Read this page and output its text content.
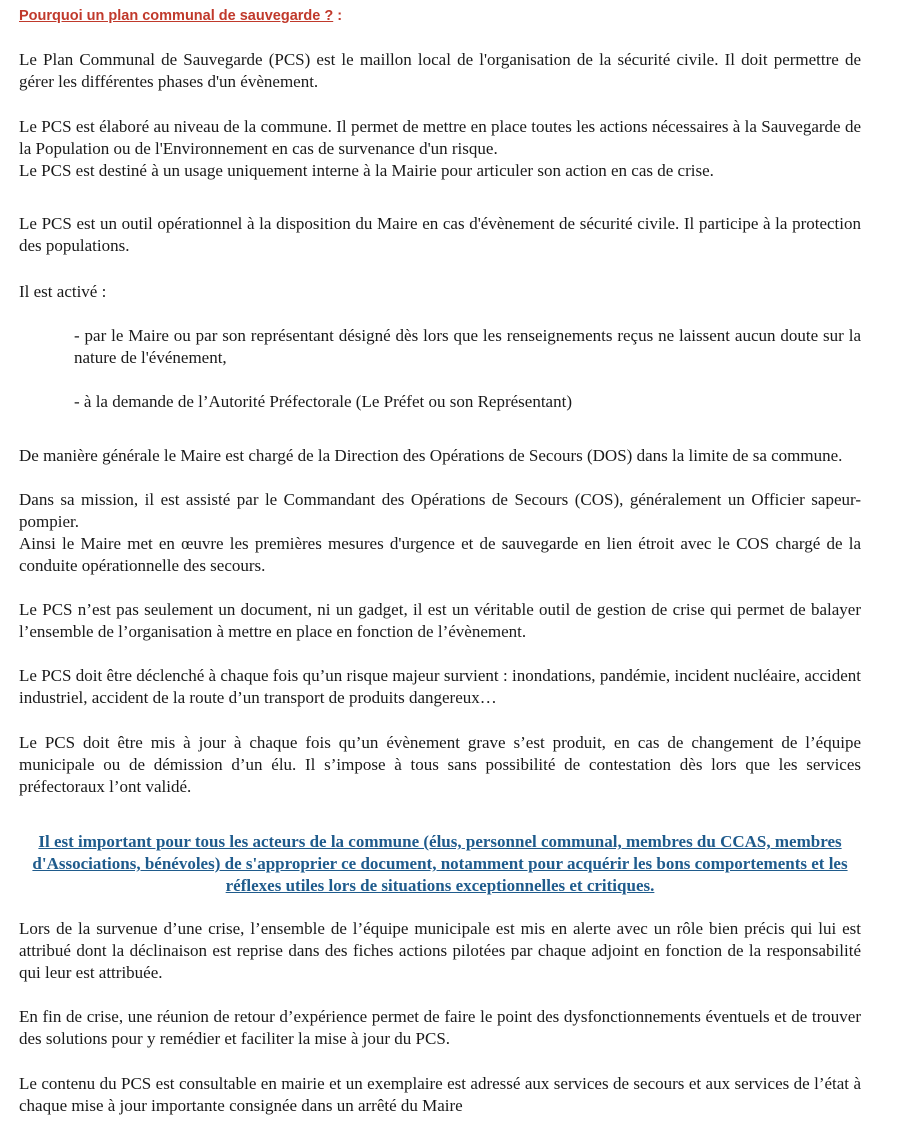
Pourquoi un plan communal de sauvegarde ? :

Le Plan Communal de Sauvegarde (PCS) est le maillon local de l'organisation de la sécurité civile. Il doit permettre de gérer les différentes phases d'un évènement.

Le PCS est élaboré au niveau de la commune. Il permet de mettre en place toutes les actions nécessaires à la Sauvegarde de la Population ou de l'Environnement en cas de survenance d'un risque.

Le PCS est destiné à un usage uniquement interne à la Mairie pour articuler son action en cas de crise.

Le PCS est un outil opérationnel à la disposition du Maire en cas d'évènement de sécurité civile. Il participe à la protection des populations.

Il est activé :

- par le Maire ou par son représentant désigné dès lors que les renseignements reçus ne laissent aucun doute sur la nature de l'événement,

- à la demande de l’Autorité Préfectorale (Le Préfet ou son Représentant)

De manière générale le Maire est chargé de la Direction des Opérations de Secours (DOS) dans la limite de sa commune.

Dans sa mission, il est assisté par le Commandant des Opérations de Secours (COS), généralement un Officier sapeur- pompier.

Ainsi le Maire met en œuvre les premières mesures d'urgence et de sauvegarde en lien étroit avec le COS chargé de la conduite opérationnelle des secours.

Le PCS n’est pas seulement un document, ni un gadget, il est un véritable outil de gestion de crise qui permet de balayer l’ensemble de l’organisation à mettre en place en fonction de l’évènement.

Le PCS doit être déclenché à chaque fois qu’un risque majeur survient : inondations, pandémie, incident nucléaire, accident industriel, accident de la route d’un transport de produits dangereux…

Le PCS doit être mis à jour à chaque fois qu’un évènement grave s’est produit, en cas de changement de l’équipe municipale ou de démission d’un élu. Il s’impose à tous sans possibilité de contestation dès lors que les services préfectoraux l’ont validé.

Il est important pour tous les acteurs de la commune (élus, personnel communal, membres du CCAS, membres d'Associations, bénévoles) de s'approprier ce document, notamment pour acquérir les bons comportements et les réflexes utiles lors de situations exceptionnelles et critiques.

Lors de la survenue d’une crise, l’ensemble de l’équipe municipale est mis en alerte avec un rôle bien précis qui lui est attribué dont la déclinaison est reprise dans des fiches actions pilotées par chaque adjoint en fonction de la responsabilité qui leur est attribuée.

En fin de crise, une réunion de retour d’expérience permet de faire le point des dysfonctionnements éventuels et de trouver des solutions pour y remédier et faciliter la mise à jour du PCS.

Le contenu du PCS est consultable en mairie et un exemplaire est adressé aux services de secours et aux services de l’état à chaque mise à jour importante consignée dans un arrêté du Maire
